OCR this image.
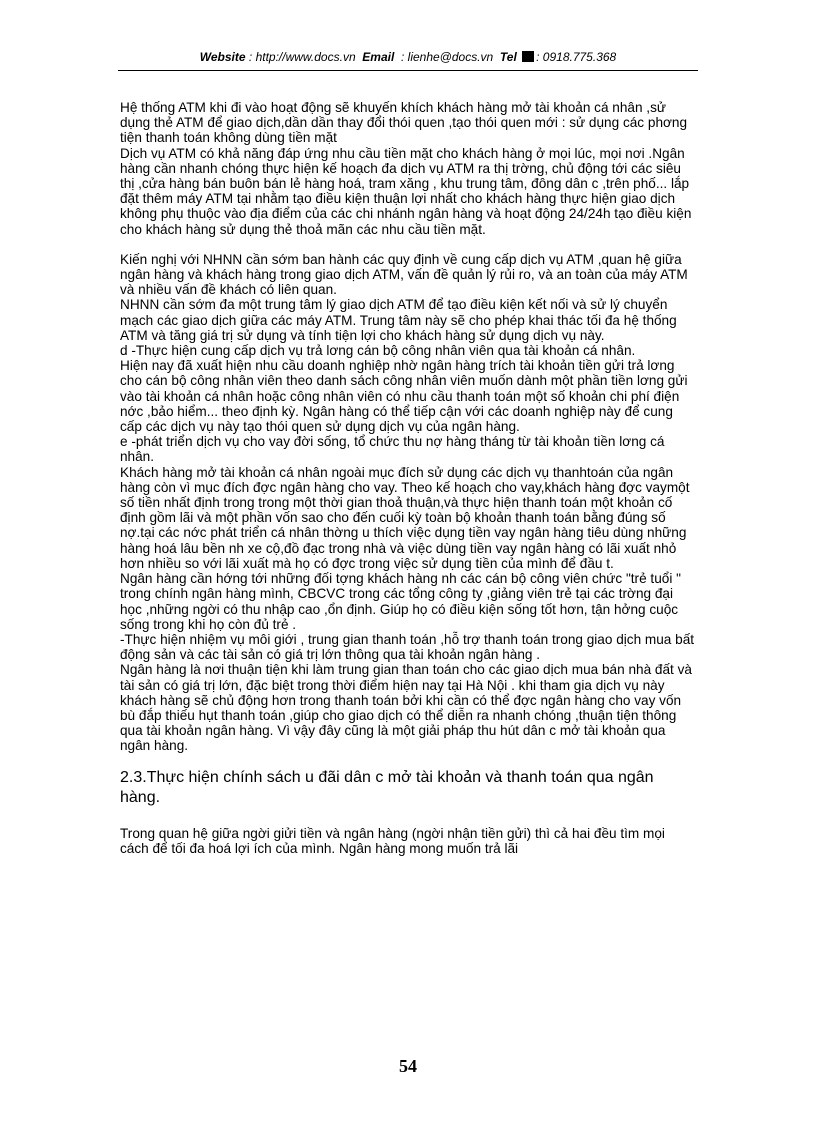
Website : http://www.docs.vn Email : lienhe@docs.vn Tel : 0918.775.368

Hệ thống ATM khi đi vào hoạt động sẽ khuyến khích khách hàng mở tài khoản cá nhân ,sử dụng thẻ ATM để giao dịch,dần dần thay đổi thói quen ,tạo thói quen mới : sử dụng các phơng tiện thanh toán không dùng tiền mặt

Dịch vụ ATM có khả năng đáp ứng nhu cầu tiền mặt cho khách hàng ở mọi lúc, mọi nơi .Ngân hàng cần nhanh chóng thực hiện kế hoạch đa dịch vụ ATM ra thị trờng, chủ động tới các siêu thị ,cửa hàng bán buôn bán lẻ hàng hoá, tram xăng , khu trung tâm, đông dân c ,trên phố... lắp đặt thêm máy ATM tại nhằm tạo điều kiện thuận lợi nhất cho khách hàng thực hiện giao dịch không phụ thuộc vào địa điểm của các chi nhánh ngân hàng và hoạt động 24/24h tạo điều kiện cho khách hàng sử dụng thẻ thoả mãn các nhu cầu tiền mặt.

Kiến nghị với NHNN cần sớm ban hành các quy định về cung cấp dịch vụ ATM ,quan hệ giữa ngân hàng và khách hàng trong giao dịch ATM, vấn đề quản lý rủi ro, và an toàn của máy ATM và nhiều vấn đề khách có liên quan.

NHNN cần sớm đa một trung tâm lý giao dịch ATM để tạo điều kiện kết nối và sử lý chuyển mạch các giao dịch giữa các máy ATM. Trung tâm này sẽ cho phép khai thác tối đa hệ thống ATM và tăng giá trị sử dụng và tính tiện lợi cho khách hàng sử dụng dịch vụ này.

d -Thực hiện cung cấp dịch vụ trả lơng cán bộ công nhân viên qua tài khoản cá nhân.

Hiện nay đã xuất hiện nhu cầu doanh nghiệp nhờ ngân hàng trích tài khoản tiền gửi trả lơng cho cán bộ công nhân viên theo danh sách công nhân viên muốn dành một phần tiền lơng gửi vào tài khoản cá nhân hoặc công nhân viên có nhu cầu thanh toán một số khoản chi phí điện nớc ,bảo hiểm... theo định kỳ. Ngân hàng có thể tiếp cận với các doanh nghiệp này để cung cấp các dịch vụ này tạo thói quen sử dụng dịch vụ của ngân hàng.

e -phát triển dịch vụ cho vay đời sống, tổ chức thu nợ hàng tháng từ tài khoản tiền lơng cá nhân.

Khách hàng mở tài khoản cá nhân ngoài mục đích sử dụng các dịch vụ thanhtoán của ngân hàng còn vì mục đích đợc ngân hàng cho vay. Theo kế hoạch cho vay,khách hàng đợc vaymột số tiền nhất định trong trong một thời gian thoả thuận,và thực hiện thanh toán một khoản cố định gồm lãi và một phần vốn sao cho đến cuối kỳ toàn bộ khoản thanh toán bằng đúng số nợ.tại các nớc phát triển cá nhân thờng u thích việc dụng tiền vay ngân hàng tiêu dùng những hàng hoá lâu bền nh xe cộ,đồ đạc trong nhà và việc dùng tiền vay ngân hàng có lãi xuất nhỏ hơn nhiều so với lãi xuất mà họ có đợc trong việc sử dụng tiền của mình để đầu t.

Ngân hàng cần hớng tới những đối tợng khách hàng nh các cán bộ công viên chức "trẻ tuổi " trong chính ngân hàng mình, CBCVC trong các tổng công ty ,giảng viên trẻ tại các trờng đại học ,những ngời có thu nhập cao ,ổn định. Giúp họ có điều kiện sống tốt hơn, tận hởng cuộc sống trong khi họ còn đủ trẻ .

-Thực hiện nhiệm vụ môi giới , trung gian thanh toán ,hỗ trợ thanh toán trong giao dịch mua bất động sản và các tài sản có giá trị lớn thông qua tài khoản ngân hàng .

Ngân hàng là nơi thuận tiện khi làm trung gian than toán cho các giao dịch mua bán nhà đất và tài sản có giá trị lớn, đặc biệt trong thời điểm hiện nay tại Hà Nội . khi tham gia dịch vụ này khách hàng sẽ chủ động hơn trong thanh toán bởi khi cần có thể đợc ngân hàng cho vay vốn bù đắp thiếu hụt thanh toán ,giúp cho giao dịch có thể diễn ra nhanh chóng ,thuận tiện thông qua tài khoản ngân hàng. Vì vậy đây cũng là một giải pháp thu hút dân c mở tài khoản qua ngân hàng.

2.3.Thực hiện chính sách u đãi dân c mở tài khoản và thanh toán qua ngân hàng.

Trong quan hệ giữa ngời giửi tiền và ngân hàng (ngời nhận tiền gửi) thì cả hai đều tìm mọi cách để tối đa hoá lợi ích của mình. Ngân hàng mong muốn trả lãi

54
